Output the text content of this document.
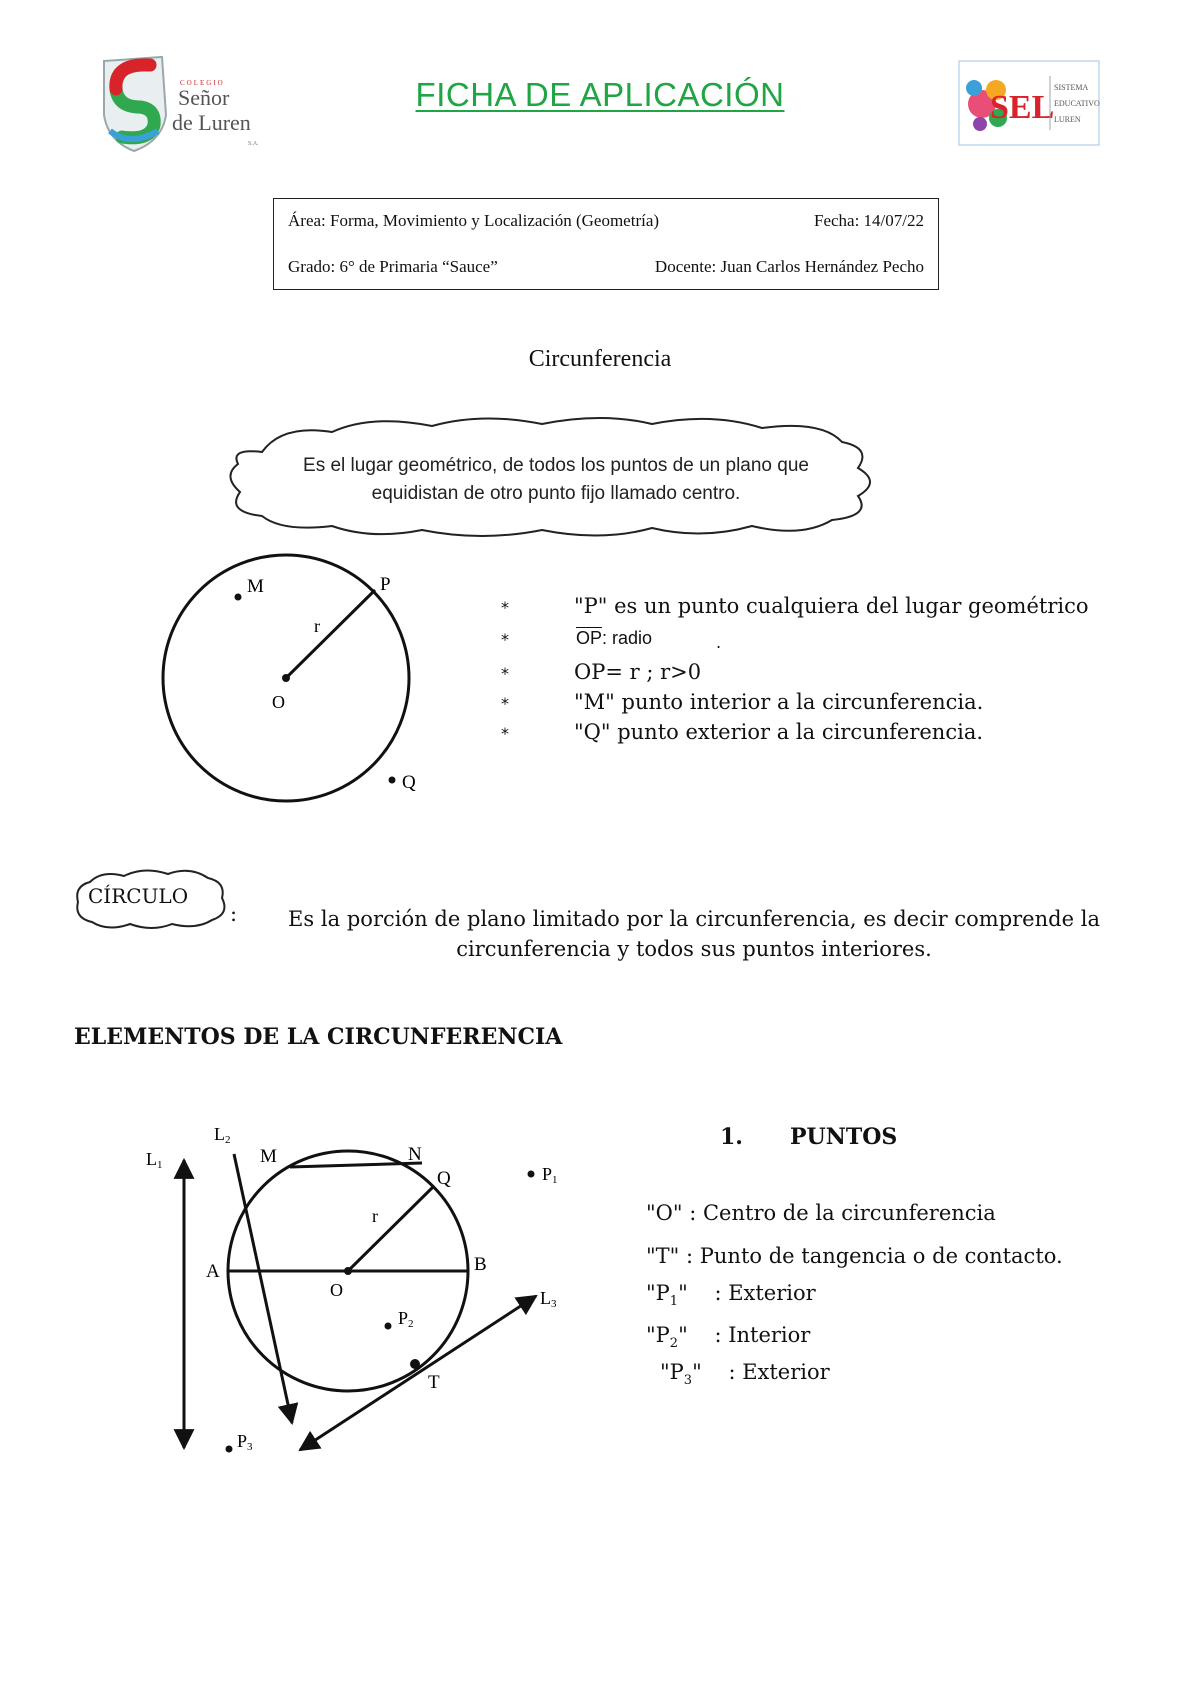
COLEGIO
Señor
de Luren
S.A.
FICHA DE APLICACIÓN	SEL
SISTEMA
EDUCATIVO
LUREN
Área: Forma, Movimiento y Localización (Geometría)	Fecha: 14/07/22
Grado: 6° de Primaria “Sauce”	Docente: Juan Carlos Hernández Pecho
Circunferencia
Es el lugar geométrico, de todos los puntos de un plano que
equidistan de otro punto fijo llamado centro.
M	P
r
O
Q
*	"P" es un punto cualquiera del lugar geométrico
*	$\overline{OP}$: radio	.
*	OP= r ; r>0
*	"M" punto interior a la circunferencia.
*	"Q" punto exterior a la circunferencia.
CÍRCULO
: Es la porción de plano limitado por la circunferencia, es decir comprende la circunferencia y todos sus puntos interiores.
ELEMENTOS DE LA CIRCUNFERENCIA
L1
L2
L3
M	N
Q	P1
r
A
O
B
P2
T
P3
1. PUNTOS
"O" : Centro de la circunferencia
"T" : Punto de tangencia o de contacto.
"$P_1$" : Exterior
"$P_2$" : Interior
"$P_3$" : Exterior
